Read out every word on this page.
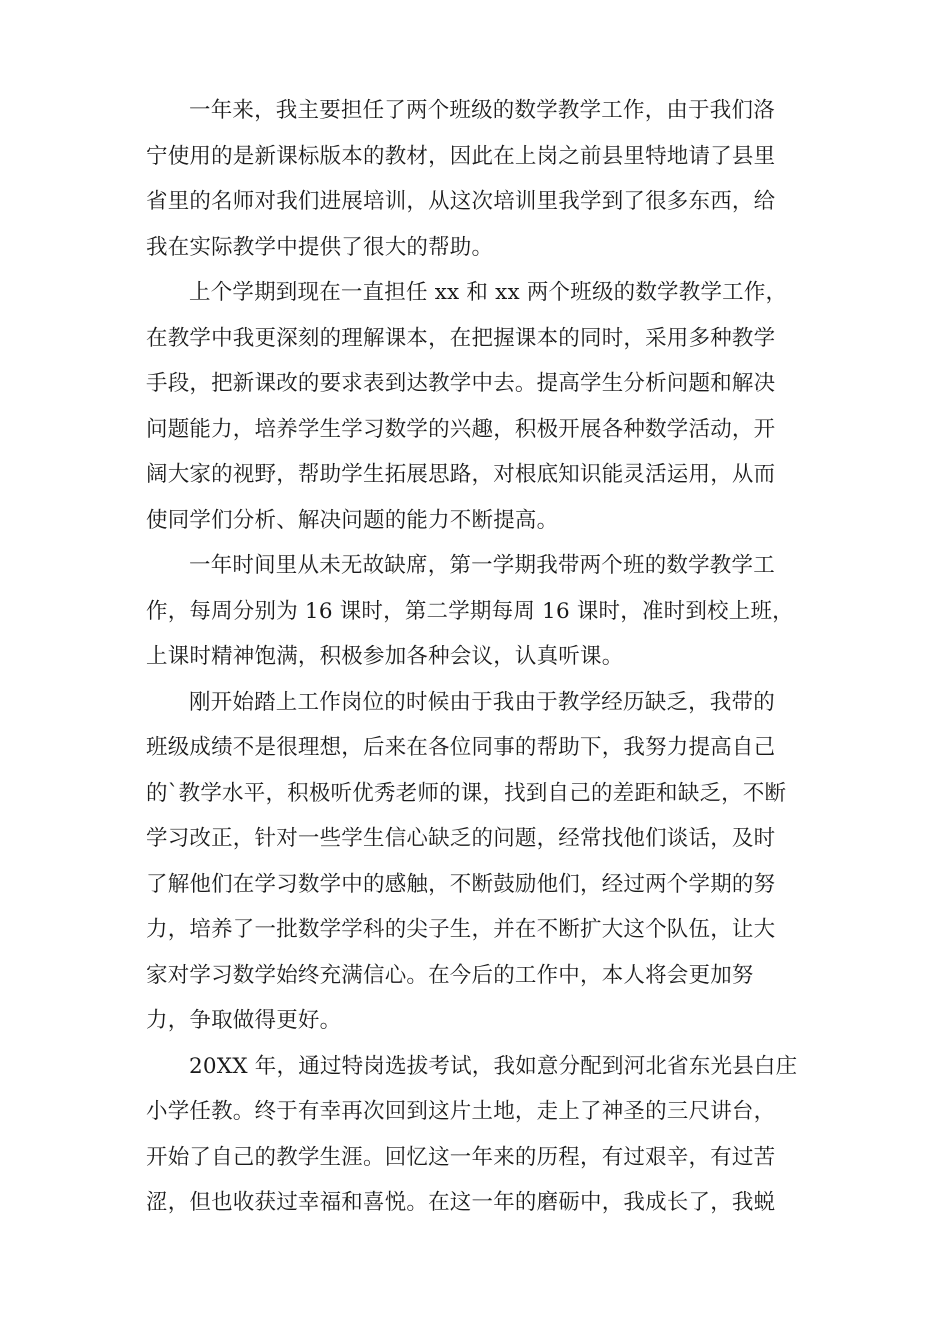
一年来，我主要担任了两个班级的数学教学工作，由于我们洛
宁使用的是新课标版本的教材，因此在上岗之前县里特地请了县里
省里的名师对我们进展培训，从这次培训里我学到了很多东西，给
我在实际教学中提供了很大的帮助。
上个学期到现在一直担任 xx 和 xx 两个班级的数学教学工作，
在教学中我更深刻的理解课本，在把握课本的同时，采用多种教学
手段，把新课改的要求表到达教学中去。提高学生分析问题和解决
问题能力，培养学生学习数学的兴趣，积极开展各种数学活动，开
阔大家的视野，帮助学生拓展思路，对根底知识能灵活运用，从而
使同学们分析、解决问题的能力不断提高。
一年时间里从未无故缺席，第一学期我带两个班的数学教学工
作，每周分别为 16 课时，第二学期每周 16 课时，准时到校上班，
上课时精神饱满，积极参加各种会议，认真听课。
刚开始踏上工作岗位的时候由于我由于教学经历缺乏，我带的
班级成绩不是很理想，后来在各位同事的帮助下，我努力提高自己
的`教学水平，积极听优秀老师的课，找到自己的差距和缺乏，不断
学习改正，针对一些学生信心缺乏的问题，经常找他们谈话，及时
了解他们在学习数学中的感触，不断鼓励他们，经过两个学期的努
力，培养了一批数学学科的尖子生，并在不断扩大这个队伍，让大
家对学习数学始终充满信心。在今后的工作中，本人将会更加努
力，争取做得更好。
20XX 年，通过特岗选拔考试，我如意分配到河北省东光县白庄
小学任教。终于有幸再次回到这片土地，走上了神圣的三尺讲台，
开始了自己的教学生涯。回忆这一年来的历程，有过艰辛，有过苦
涩，但也收获过幸福和喜悦。在这一年的磨砺中，我成长了，我蜕
